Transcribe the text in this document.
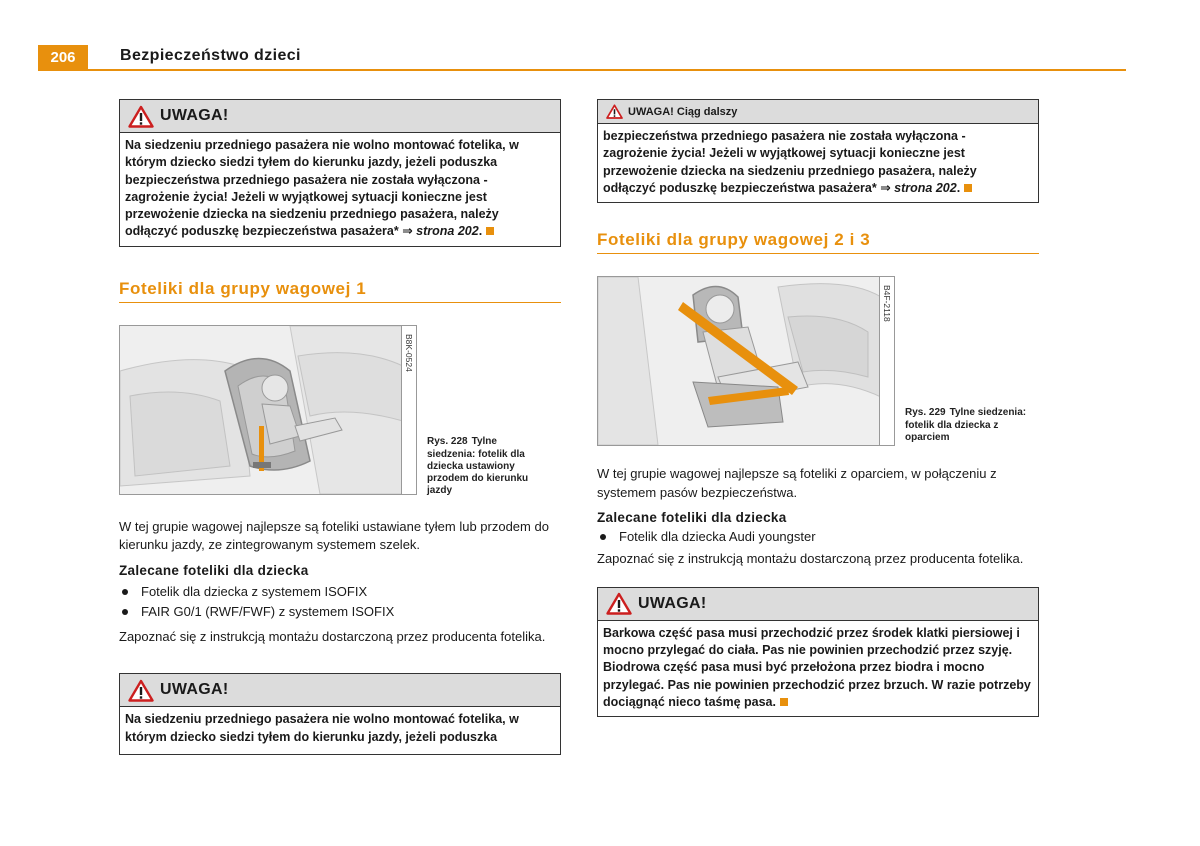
206	Bezpieczeństwo dzieci
UWAGA!
Na siedzeniu przedniego pasażera nie wolno montować fotelika, w którym dziecko siedzi tyłem do kierunku jazdy, jeżeli poduszka bezpieczeństwa przedniego pasażera nie została wyłączona - zagrożenie życia! Jeżeli w wyjątkowej sytuacji konieczne jest przewożenie dziecka na siedzeniu przedniego pasażera, należy odłączyć poduszkę bezpieczeństwa pasażera* ⇒ strona 202.
Foteliki dla grupy wagowej 1
B8K-0524
Rys. 228 Tylne siedzenia: fotelik dla dziecka ustawiony przodem do kierunku jazdy

W tej grupie wagowej najlepsze są foteliki ustawiane tyłem lub przodem do kierunku jazdy, ze zintegrowanym systemem szelek.

Zalecane foteliki dla dziecka
Fotelik dla dziecka z systemem ISOFIX
FAIR G0/1 (RWF/FWF) z systemem ISOFIX

Zapoznać się z instrukcją montażu dostarczoną przez producenta fotelika.

UWAGA!
Na siedzeniu przedniego pasażera nie wolno montować fotelika, w którym dziecko siedzi tyłem do kierunku jazdy, jeżeli poduszka
UWAGA! Ciąg dalszy
bezpieczeństwa przedniego pasażera nie została wyłączona - zagrożenie życia! Jeżeli w wyjątkowej sytuacji konieczne jest przewożenie dziecka na siedzeniu przedniego pasażera, należy odłączyć poduszkę bezpieczeństwa pasażera* ⇒ strona 202.
Foteliki dla grupy wagowej 2 i 3
B4F-2118
Rys. 229 Tylne siedzenia: fotelik dla dziecka z oparciem

W tej grupie wagowej najlepsze są foteliki z oparciem, w połączeniu z systemem pasów bezpieczeństwa.

Zalecane foteliki dla dziecka
Fotelik dla dziecka Audi youngster

Zapoznać się z instrukcją montażu dostarczoną przez producenta fotelika.

UWAGA!
Barkowa część pasa musi przechodzić przez środek klatki piersiowej i mocno przylegać do ciała. Pas nie powinien przechodzić przez szyję. Biodrowa część pasa musi być przełożona przez biodra i mocno przylegać. Pas nie powinien przechodzić przez brzuch. W razie potrzeby dociągnąć nieco taśmę pasa.
